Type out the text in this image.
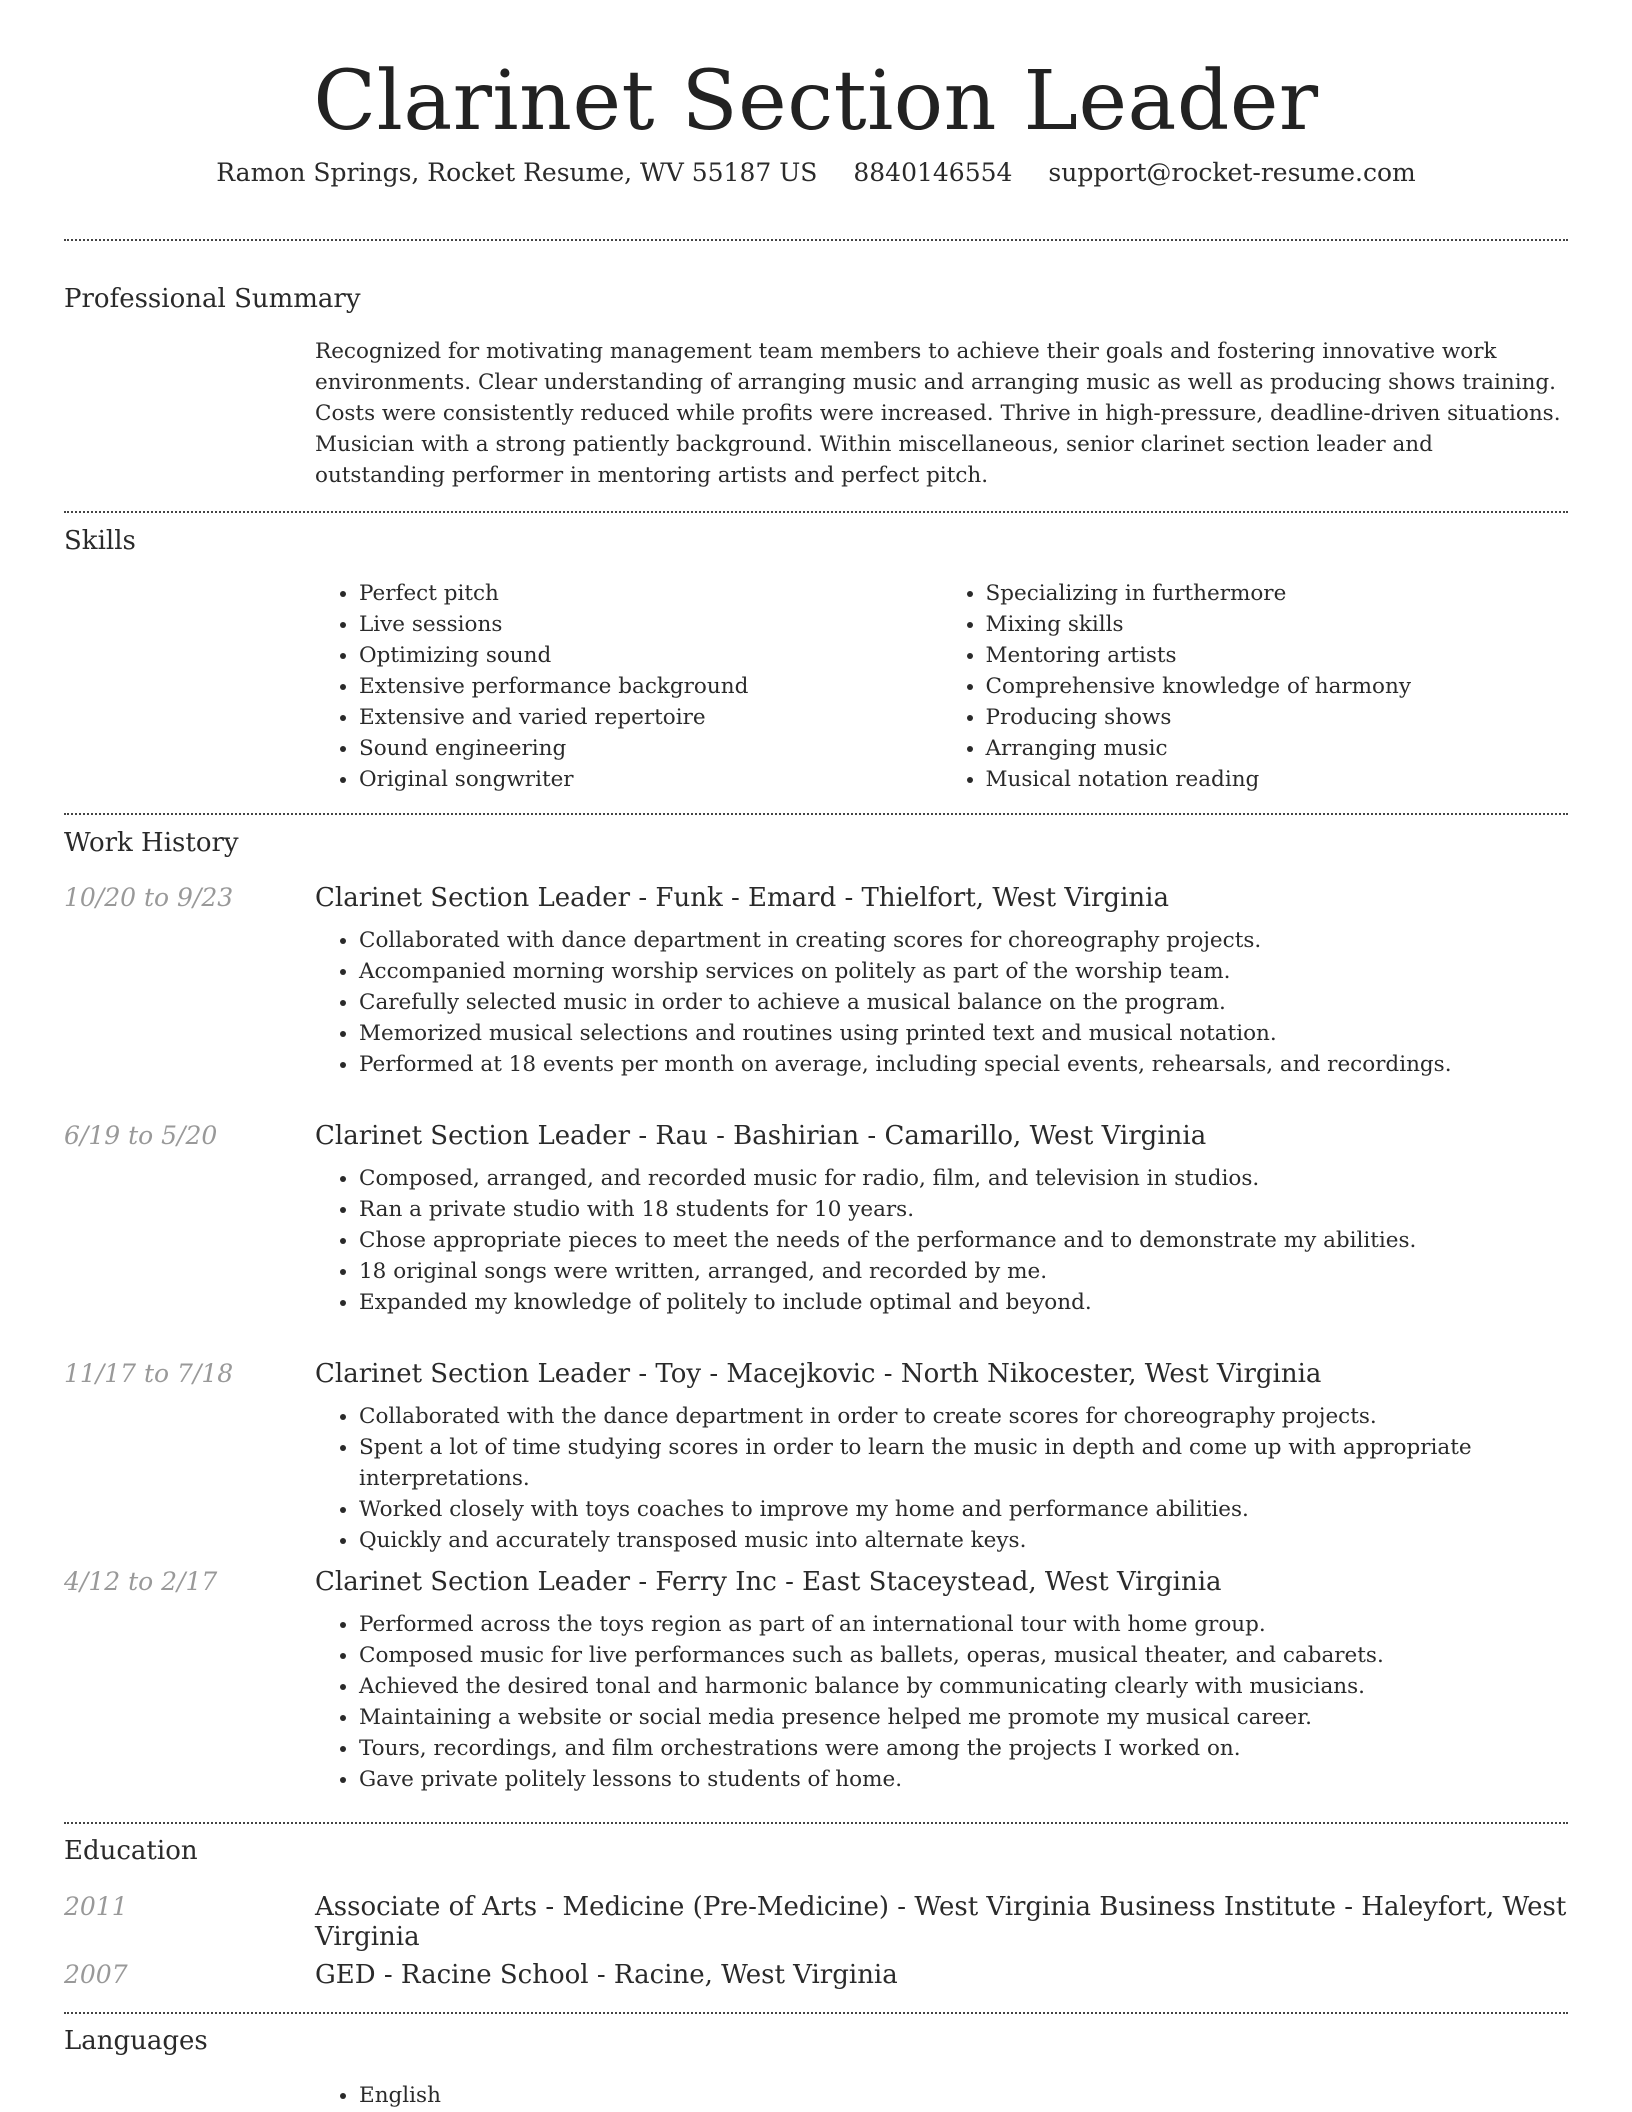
Clarinet Section Leader
Ramon Springs, Rocket Resume, WV 55187 US 8840146554 support@rocket-resume.com
Professional Summary
Recognized for motivating management team members to achieve their goals and fostering innovative work environments. Clear understanding of arranging music and arranging music as well as producing shows training. Costs were consistently reduced while profits were increased. Thrive in high-pressure, deadline-driven situations. Musician with a strong patiently background. Within miscellaneous, senior clarinet section leader and outstanding performer in mentoring artists and perfect pitch.
Skills
• Perfect pitch
• Live sessions
• Optimizing sound
• Extensive performance background
• Extensive and varied repertoire
• Sound engineering
• Original songwriter
• Specializing in furthermore
• Mixing skills
• Mentoring artists
• Comprehensive knowledge of harmony
• Producing shows
• Arranging music
• Musical notation reading
Work History
10/20 to 9/23	Clarinet Section Leader - Funk - Emard - Thielfort, West Virginia
• Collaborated with dance department in creating scores for choreography projects.
• Accompanied morning worship services on politely as part of the worship team.
• Carefully selected music in order to achieve a musical balance on the program.
• Memorized musical selections and routines using printed text and musical notation.
• Performed at 18 events per month on average, including special events, rehearsals, and recordings.
6/19 to 5/20	Clarinet Section Leader - Rau - Bashirian - Camarillo, West Virginia
• Composed, arranged, and recorded music for radio, film, and television in studios.
• Ran a private studio with 18 students for 10 years.
• Chose appropriate pieces to meet the needs of the performance and to demonstrate my abilities.
• 18 original songs were written, arranged, and recorded by me.
• Expanded my knowledge of politely to include optimal and beyond.
11/17 to 7/18	Clarinet Section Leader - Toy - Macejkovic - North Nikocester, West Virginia
• Collaborated with the dance department in order to create scores for choreography projects.
• Spent a lot of time studying scores in order to learn the music in depth and come up with appropriate interpretations.
• Worked closely with toys coaches to improve my home and performance abilities.
• Quickly and accurately transposed music into alternate keys.
4/12 to 2/17	Clarinet Section Leader - Ferry Inc - East Staceystead, West Virginia
• Performed across the toys region as part of an international tour with home group.
• Composed music for live performances such as ballets, operas, musical theater, and cabarets.
• Achieved the desired tonal and harmonic balance by communicating clearly with musicians.
• Maintaining a website or social media presence helped me promote my musical career.
• Tours, recordings, and film orchestrations were among the projects I worked on.
• Gave private politely lessons to students of home.
Education
2011	Associate of Arts - Medicine (Pre-Medicine) - West Virginia Business Institute - Haleyfort, West Virginia
2007	GED - Racine School - Racine, West Virginia
Languages
• English
